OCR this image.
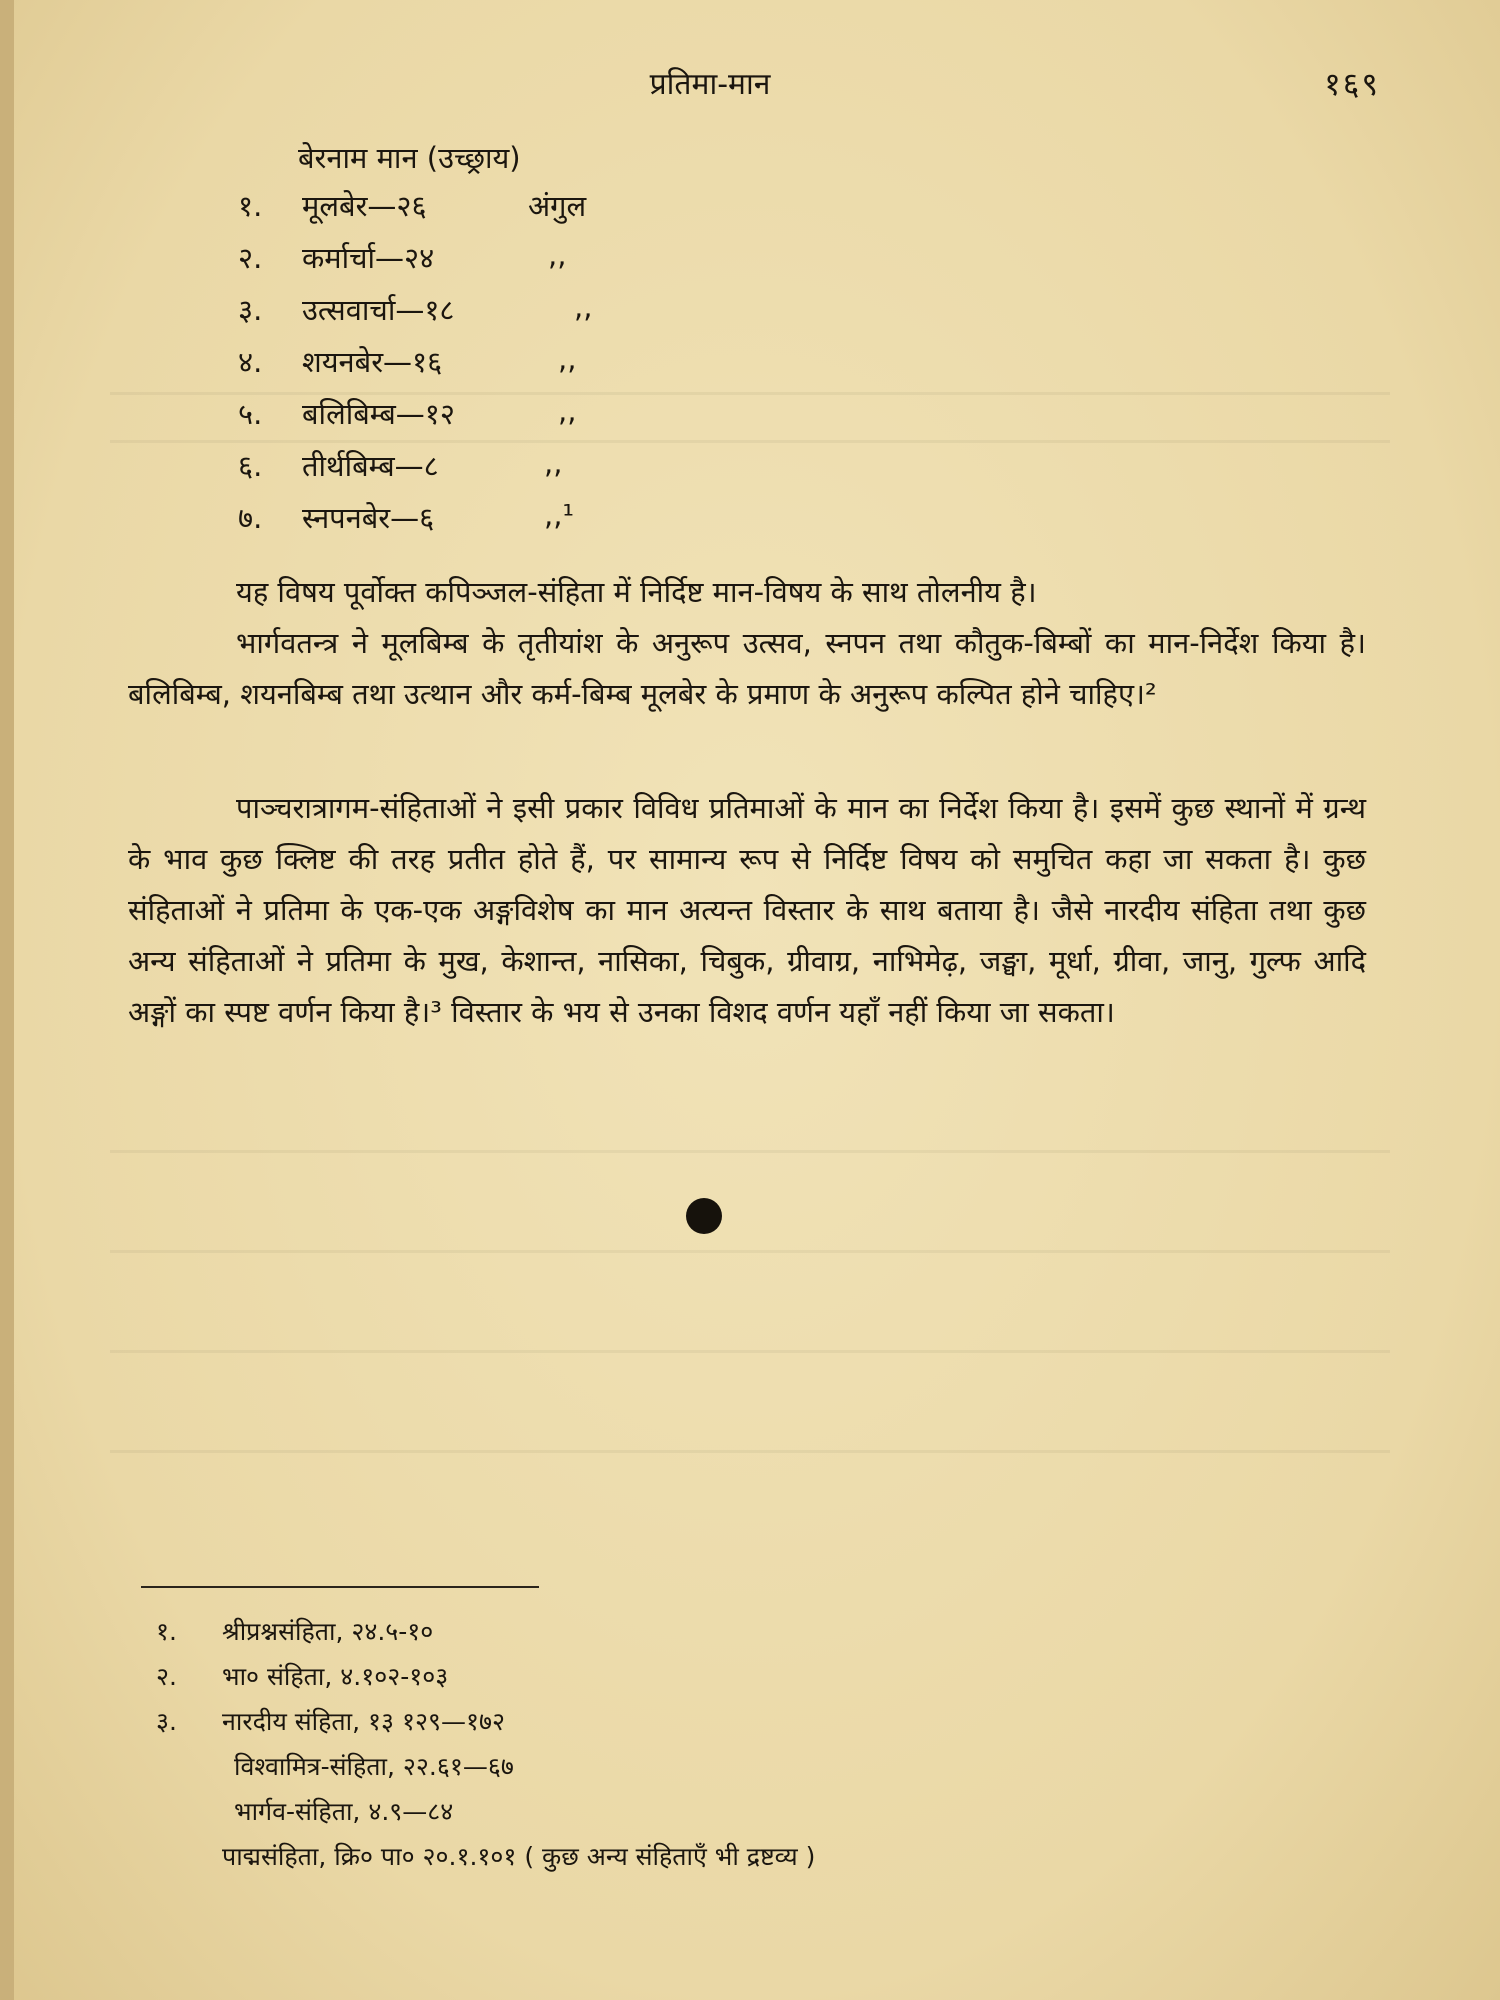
प्रतिमा-मान	१६९
बेरनाम मान (उच्छ्राय)
१. मूलबेर—२६	अंगुल
२. कर्मार्चा—२४	,,
३. उत्सवार्चा—१८	,,
४. शयनबेर—१६	,,
५. बलिबिम्ब—१२	,,
६. तीर्थबिम्ब—८	,,
७. स्नपनबेर—६	,,¹
यह विषय पूर्वोक्त कपिञ्जल-संहिता में निर्दिष्ट मान-विषय के साथ तोलनीय है।
भार्गवतन्त्र ने मूलबिम्ब के तृतीयांश के अनुरूप उत्सव, स्नपन तथा कौतुक-बिम्बों का मान-निर्देश किया है। बलिबिम्ब, शयनबिम्ब तथा उत्थान और कर्म-बिम्ब मूलबेर के प्रमाण के अनुरूप कल्पित होने चाहिए।²
पाञ्चरात्रागम-संहिताओं ने इसी प्रकार विविध प्रतिमाओं के मान का निर्देश किया है। इसमें कुछ स्थानों में ग्रन्थ के भाव कुछ क्लिष्ट की तरह प्रतीत होते हैं, पर सामान्य रूप से निर्दिष्ट विषय को समुचित कहा जा सकता है। कुछ संहिताओं ने प्रतिमा के एक-एक अङ्गविशेष का मान अत्यन्त विस्तार के साथ बताया है। जैसे नारदीय संहिता तथा कुछ अन्य संहिताओं ने प्रतिमा के मुख, केशान्त, नासिका, चिबुक, ग्रीवाग्र, नाभिमेढ़, जङ्घा, मूर्धा, ग्रीवा, जानु, गुल्फ आदि अङ्गों का स्पष्ट वर्णन किया है।³ विस्तार के भय से उनका विशद वर्णन यहाँ नहीं किया जा सकता।
१. श्रीप्रश्नसंहिता, २४.५-१०
२. भा० संहिता, ४.१०२-१०३
३. नारदीय संहिता, १३ १२९—१७२
विश्वामित्र-संहिता, २२.६१—६७
भार्गव-संहिता, ४.९—८४
पाद्मसंहिता, क्रि० पा० २०.१.१०१ ( कुछ अन्य संहिताएँ भी द्रष्टव्य )
